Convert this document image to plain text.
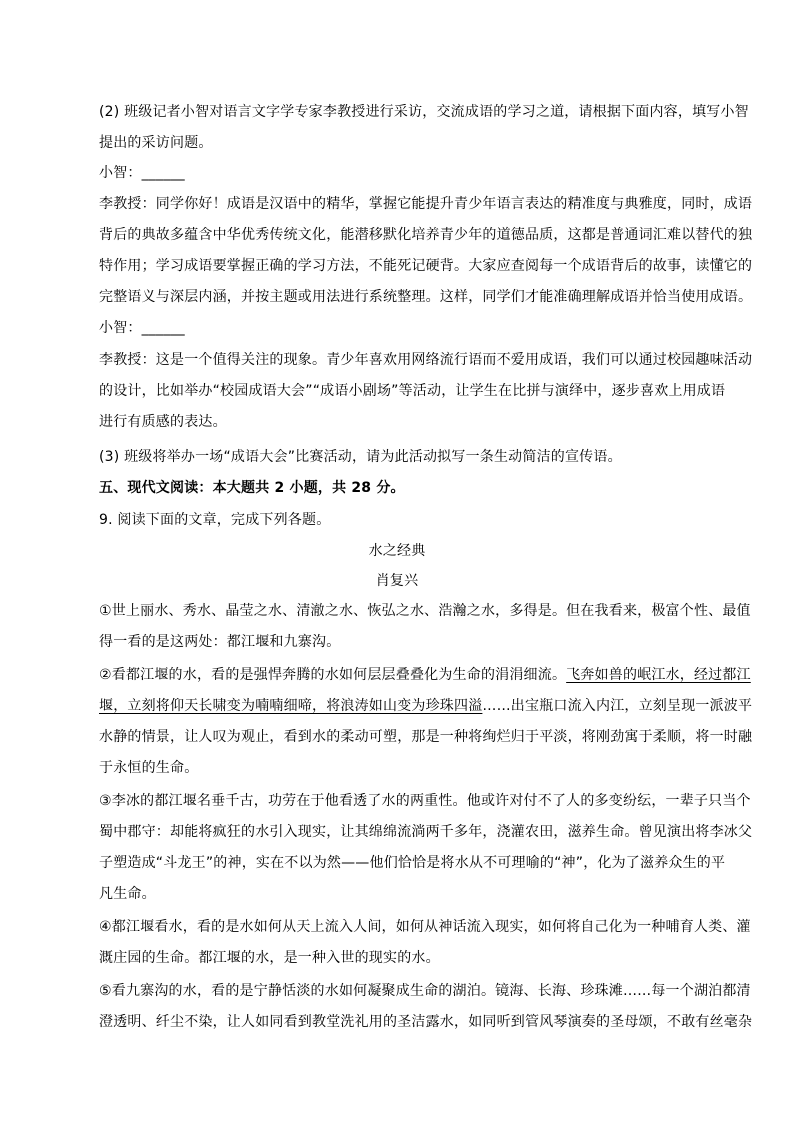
(2) 班级记者小智对语言文字学专家李教授进行采访，交流成语的学习之道，请根据下面内容，填写小智
提出的采访问题。
小智：______
李教授：同学你好！成语是汉语中的精华，掌握它能提升青少年语言表达的精准度与典雅度，同时，成语
背后的典故多蕴含中华优秀传统文化，能潜移默化培养青少年的道德品质，这都是普通词汇难以替代的独
特作用；学习成语要掌握正确的学习方法，不能死记硬背。大家应查阅每一个成语背后的故事，读懂它的
完整语义与深层内涵，并按主题或用法进行系统整理。这样，同学们才能准确理解成语并恰当使用成语。
小智：______
李教授：这是一个值得关注的现象。青少年喜欢用网络流行语而不爱用成语，我们可以通过校园趣味活动
的设计，比如举办“校园成语大会”“成语小剧场”等活动，让学生在比拼与演绎中，逐步喜欢上用成语
进行有质感的表达。
(3) 班级将举办一场“成语大会”比赛活动，请为此活动拟写一条生动简洁的宣传语。
五、现代文阅读：本大题共 2 小题，共 28 分。
9. 阅读下面的文章，完成下列各题。
水之经典
肖复兴
①世上丽水、秀水、晶莹之水、清澈之水、恢弘之水、浩瀚之水，多得是。但在我看来，极富个性、最值
得一看的是这两处：都江堰和九寨沟。
②看都江堰的水，看的是强悍奔腾的水如何层层叠叠化为生命的涓涓细流。飞奔如兽的岷江水，经过都江
堰，立刻将仰天长啸变为喃喃细啼，将浪涛如山变为珍珠四溢……出宝瓶口流入内江，立刻呈现一派波平
水静的情景，让人叹为观止，看到水的柔动可塑，那是一种将绚烂归于平淡，将刚劲寓于柔顺，将一时融
于永恒的生命。
③李冰的都江堰名垂千古，功劳在于他看透了水的两重性。他或许对付不了人的多变纷纭，一辈子只当个
蜀中郡守：却能将疯狂的水引入现实，让其绵绵流淌两千多年，浇灌农田，滋养生命。曾见演出将李冰父
子塑造成“斗龙王”的神，实在不以为然——他们恰恰是将水从不可理喻的“神”，化为了滋养众生的平
凡生命。
④都江堰看水，看的是水如何从天上流入人间，如何从神话流入现实，如何将自己化为一种哺育人类、灌
溉庄园的生命。都江堰的水，是一种入世的现实的水。
⑤看九寨沟的水，看的是宁静恬淡的水如何凝聚成生命的湖泊。镜海、长海、珍珠滩……每一个湖泊都清
澄透明、纤尘不染，让人如同看到教堂洗礼用的圣洁露水，如同听到管风琴演奏的圣母颂，不敢有丝毫杂
